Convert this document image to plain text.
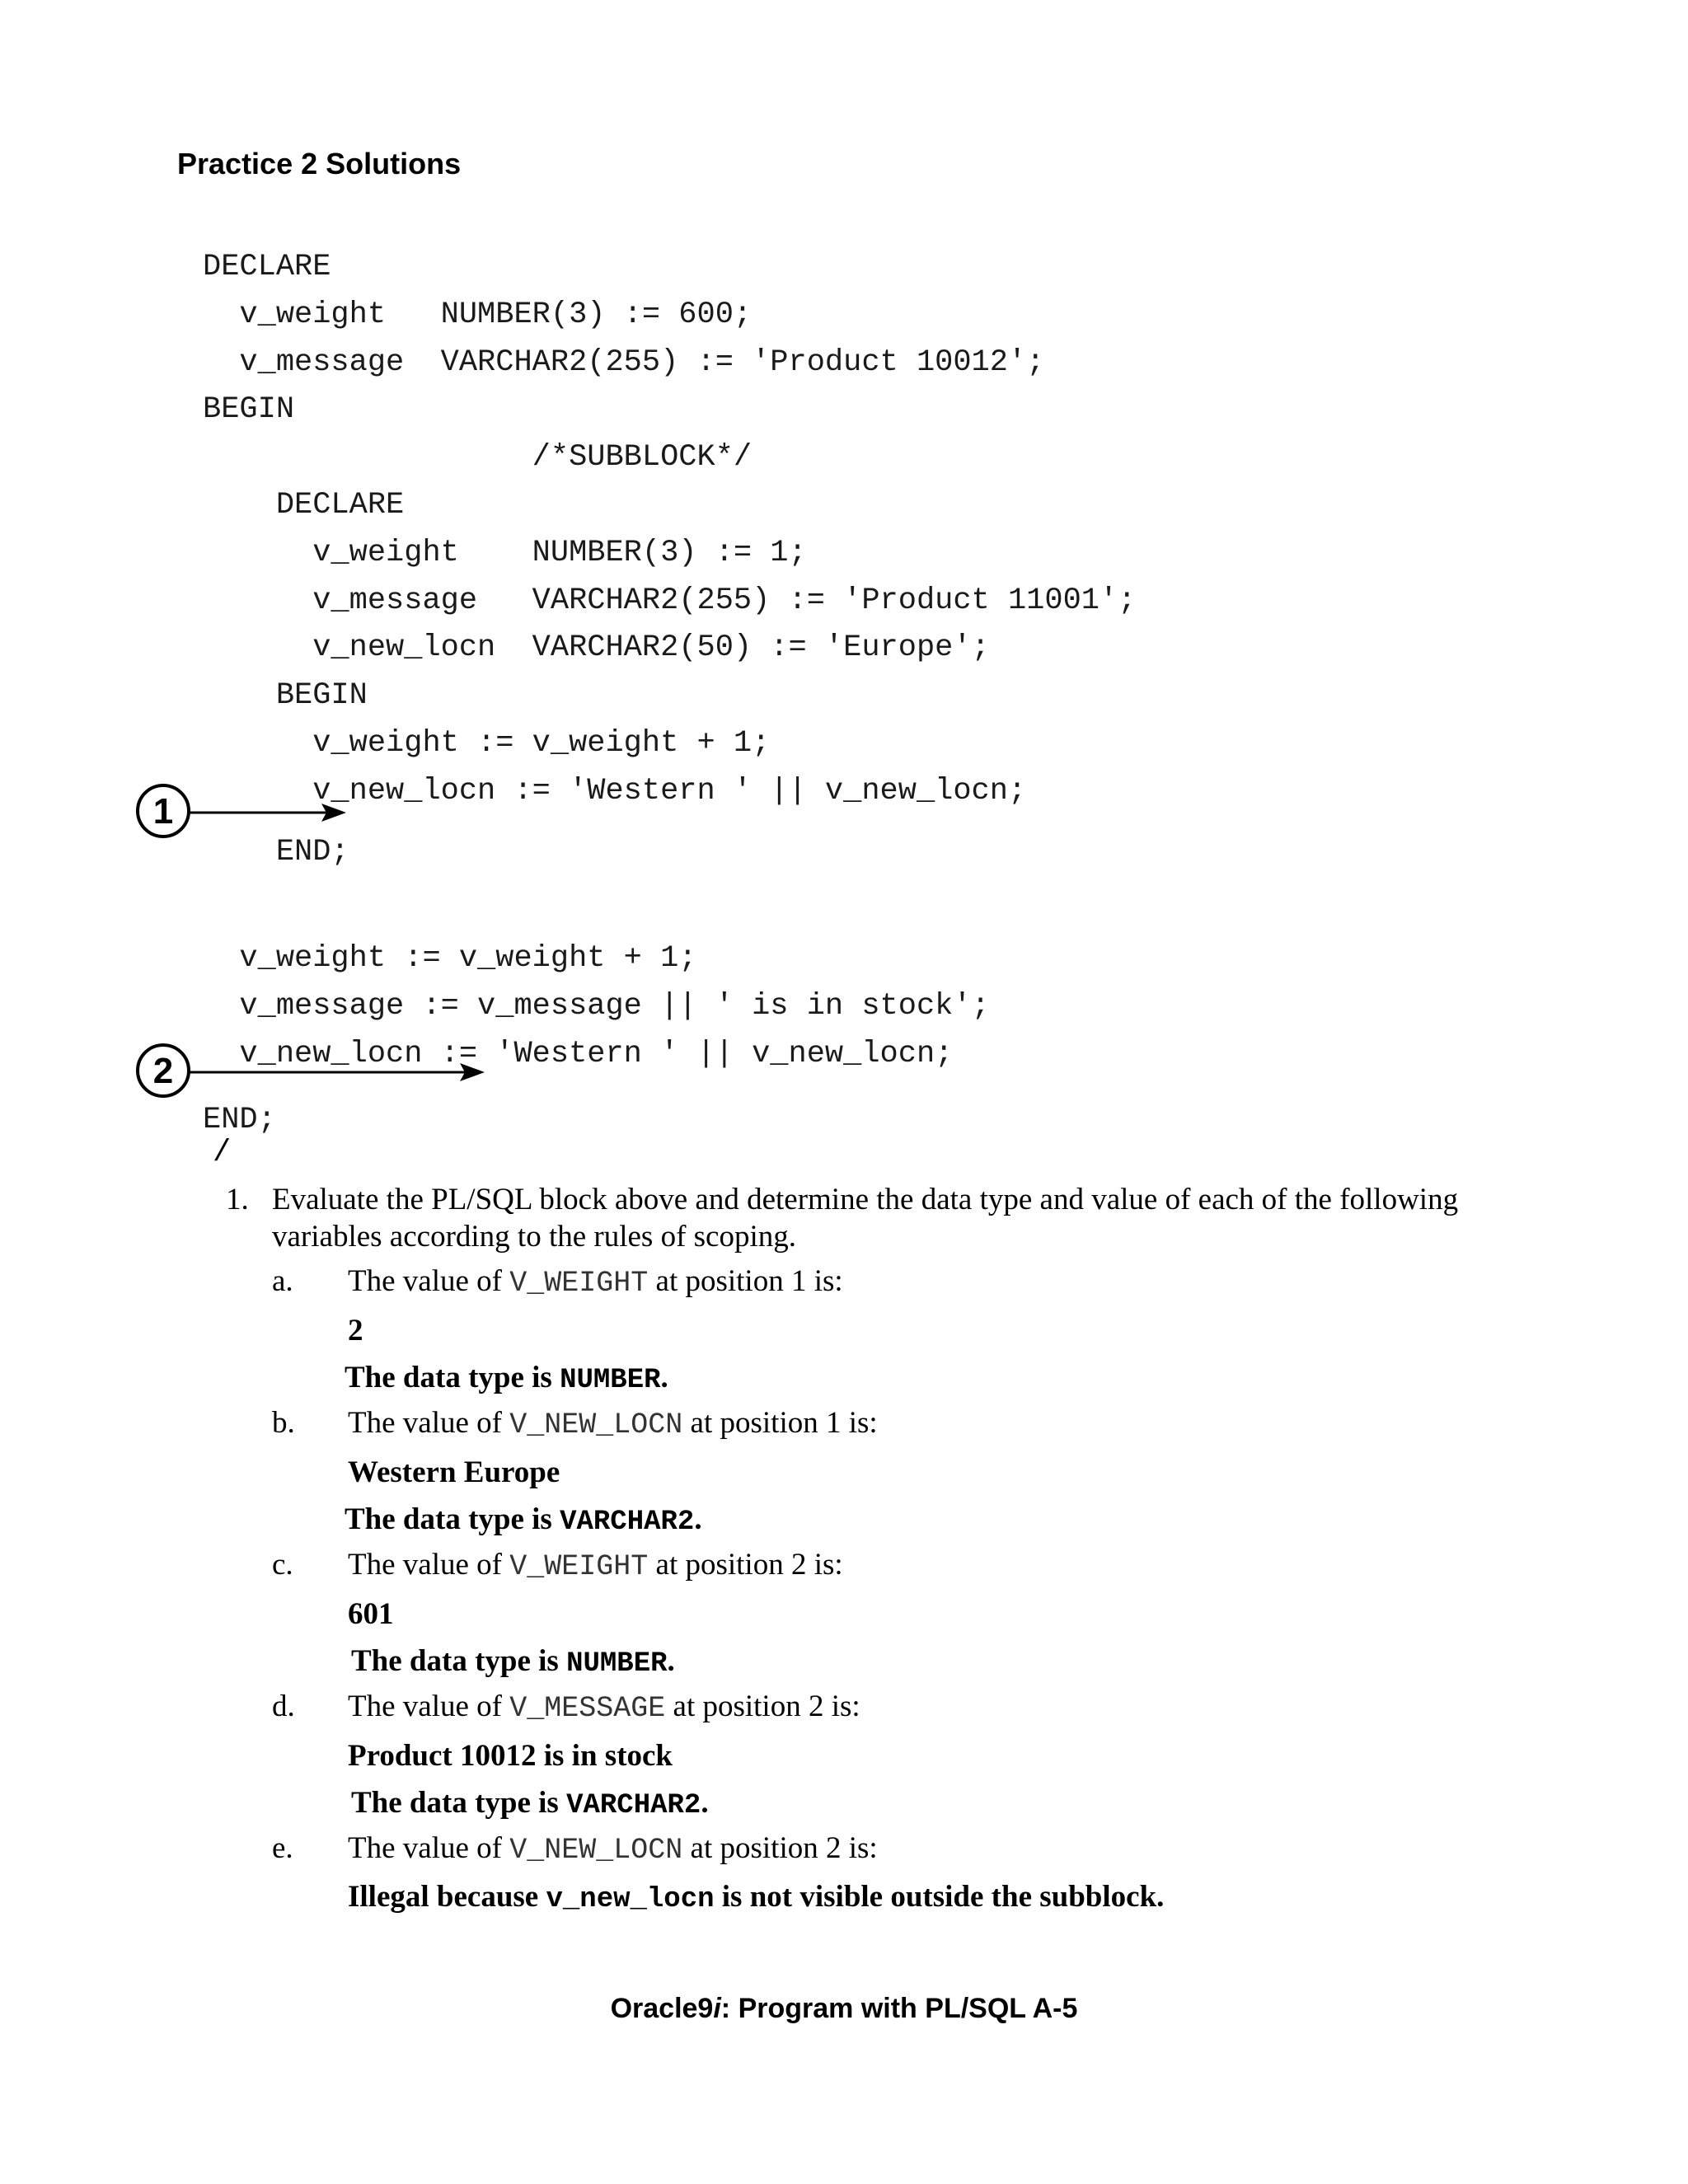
Practice 2 Solutions
DECLARE
v_weight   NUMBER(3) := 600;
v_message  VARCHAR2(255) := 'Product 10012';
BEGIN
/*SUBBLOCK*/
DECLARE
v_weight    NUMBER(3) := 1;
v_message   VARCHAR2(255) := 'Product 11001';
v_new_locn  VARCHAR2(50) := 'Europe';
BEGIN
v_weight := v_weight + 1;
v_new_locn := 'Western ' || v_new_locn;
END;
v_weight := v_weight + 1;
v_message := v_message || ' is in stock';
v_new_locn := 'Western ' || v_new_locn;
END;
/
1
2
1. Evaluate the PL/SQL block above and determine the data type and value of each of the following
variables according to the rules of scoping.
a. The value of V_WEIGHT at position 1 is:
2
The data type is NUMBER.
b. The value of V_NEW_LOCN at position 1 is:
Western Europe
The data type is VARCHAR2.
c. The value of V_WEIGHT at position 2 is:
601
The data type is NUMBER.
d. The value of V_MESSAGE at position 2 is:
Product 10012 is in stock
The data type is VARCHAR2.
e. The value of V_NEW_LOCN at position 2 is:
Illegal because v_new_locn is not visible outside the subblock.
Oracle9i: Program with PL/SQL A-5
